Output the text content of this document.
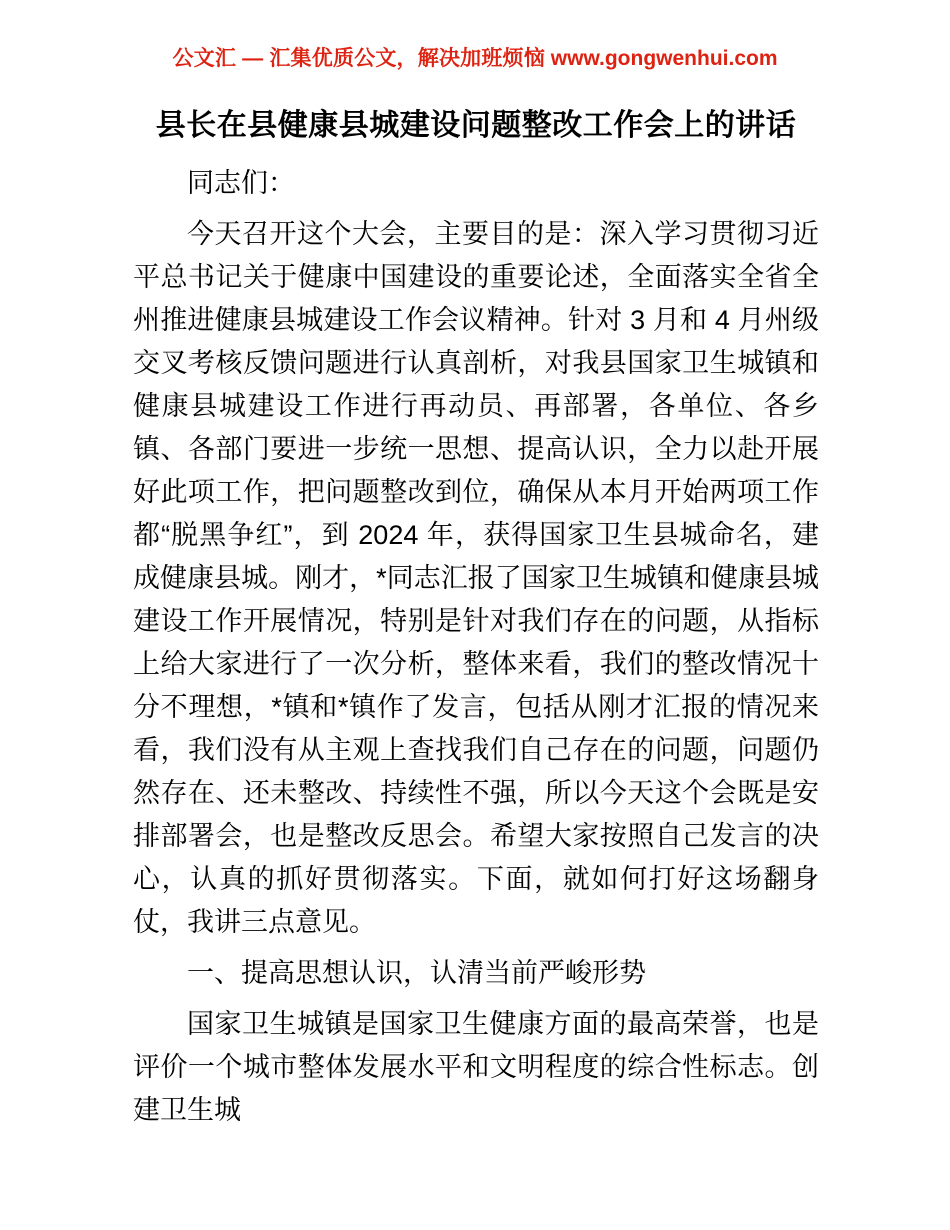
公文汇 — 汇集优质公文，解决加班烦恼 www.gongwenhui.com
县长在县健康县城建设问题整改工作会上的讲话

同志们：

今天召开这个大会，主要目的是：深入学习贯彻习近平总书记关于健康中国建设的重要论述，全面落实全省全州推进健康县城建设工作会议精神。针对 3 月和 4 月州级交叉考核反馈问题进行认真剖析，对我县国家卫生城镇和健康县城建设工作进行再动员、再部署，各单位、各乡镇、各部门要进一步统一思想、提高认识，全力以赴开展好此项工作，把问题整改到位，确保从本月开始两项工作都“脱黑争红”，到 2024 年，获得国家卫生县城命名，建成健康县城。刚才，*同志汇报了国家卫生城镇和健康县城建设工作开展情况，特别是针对我们存在的问题，从指标上给大家进行了一次分析，整体来看，我们的整改情况十分不理想，*镇和*镇作了发言，包括从刚才汇报的情况来看，我们没有从主观上查找我们自己存在的问题，问题仍然存在、还未整改、持续性不强，所以今天这个会既是安排部署会，也是整改反思会。希望大家按照自己发言的决心，认真的抓好贯彻落实。下面，就如何打好这场翻身仗，我讲三点意见。

一、提高思想认识，认清当前严峻形势

国家卫生城镇是国家卫生健康方面的最高荣誉，也是评价一个城市整体发展水平和文明程度的综合性标志。创建卫生城
